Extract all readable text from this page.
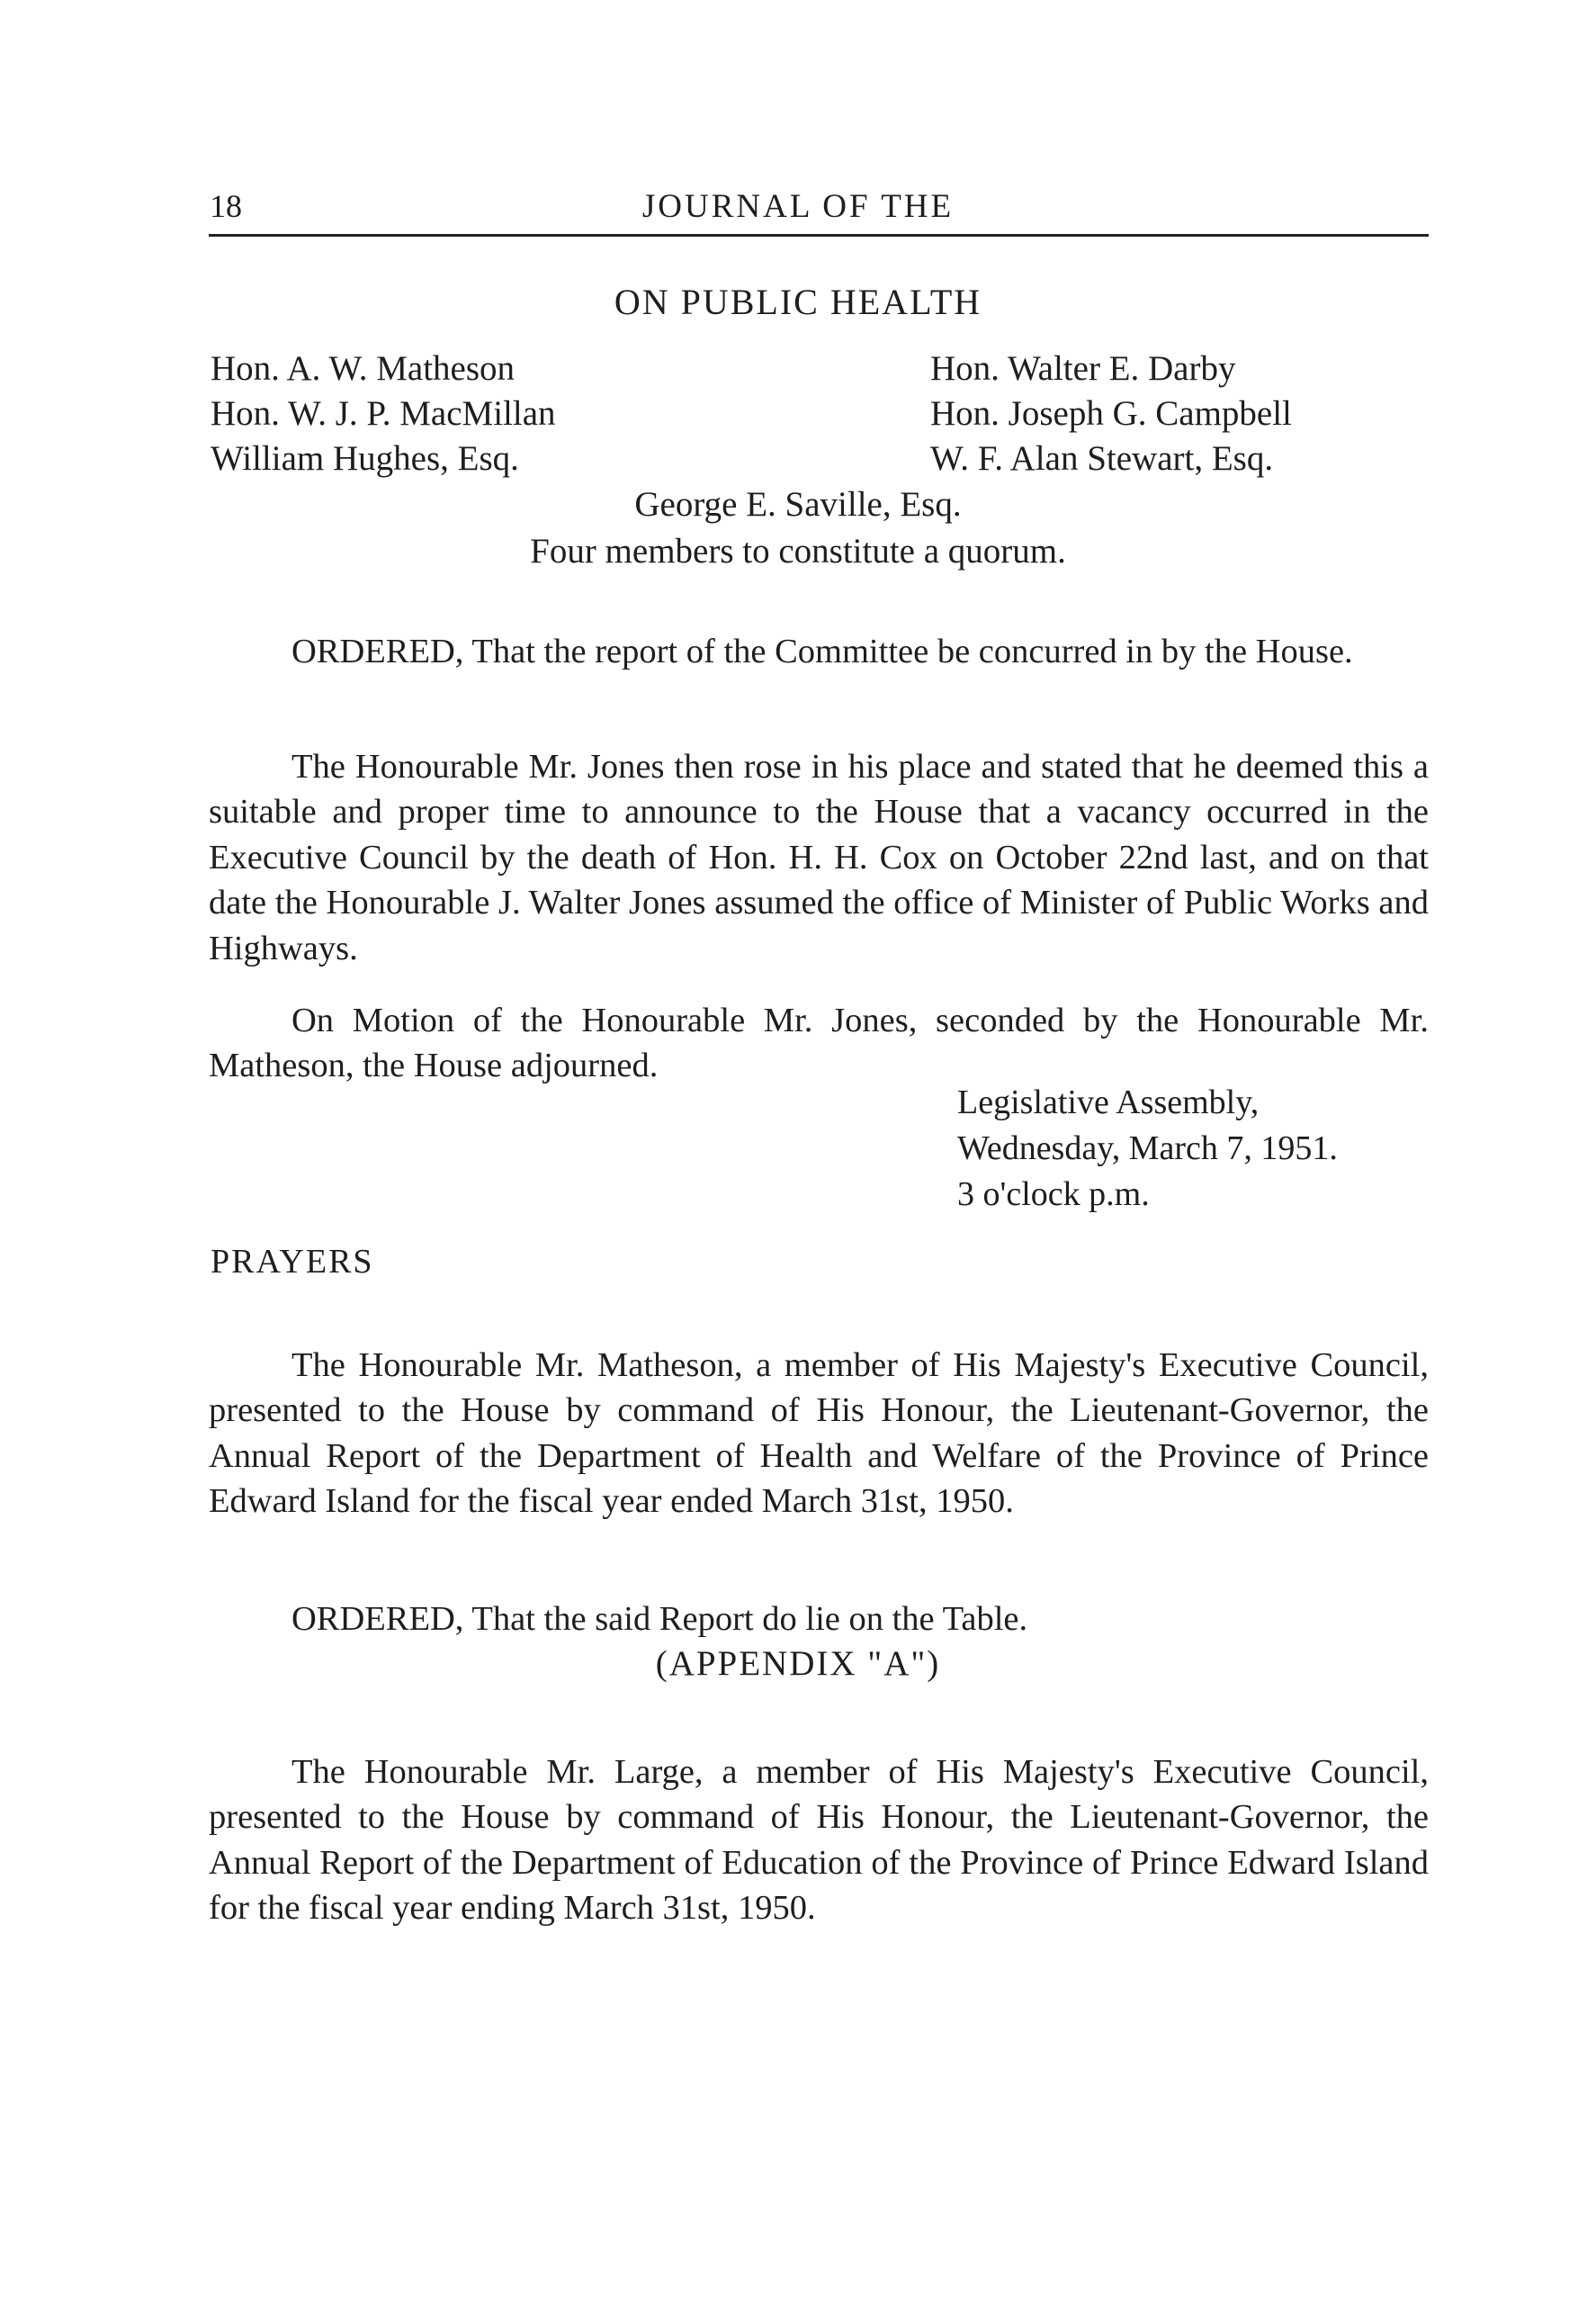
18	JOURNAL OF THE
ON PUBLIC HEALTH
Hon. A. W. Matheson
Hon. W. J. P. MacMillan
William Hughes, Esq.
Hon. Walter E. Darby
Hon. Joseph G. Campbell
W. F. Alan Stewart, Esq.
George E. Saville, Esq.
Four members to constitute a quorum.

ORDERED, That the report of the Committee be concurred in by the House.

The Honourable Mr. Jones then rose in his place and stated that he deemed this a suitable and proper time to announce to the House that a vacancy occurred in the Executive Council by the death of Hon. H. H. Cox on October 22nd last, and on that date the Honourable J. Walter Jones assumed the office of Minister of Public Works and Highways.

On Motion of the Honourable Mr. Jones, seconded by the Honourable Mr. Matheson, the House adjourned.

Legislative Assembly,
Wednesday, March 7, 1951.
3 o'clock p.m.
PRAYERS

The Honourable Mr. Matheson, a member of His Majesty's Executive Council, presented to the House by command of His Honour, the Lieutenant-Governor, the Annual Report of the Department of Health and Welfare of the Province of Prince Edward Island for the fiscal year ended March 31st, 1950.

ORDERED, That the said Report do lie on the Table.

(APPENDIX "A")

The Honourable Mr. Large, a member of His Majesty's Executive Council, presented to the House by command of His Honour, the Lieutenant-Governor, the Annual Report of the Department of Education of the Province of Prince Edward Island for the fiscal year ending March 31st, 1950.
